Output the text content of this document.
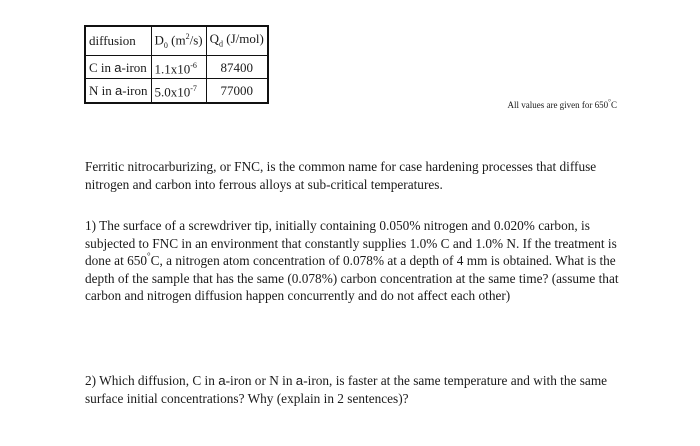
diffusion	$D_0$ $(m^2/s)$	$Q_d$ (J/mol)
C in a-iron	$1.1x10^{-6}$	87400
N in a-iron	$5.0x10^{-7}$	77000
All values are given for 650°C
Ferritic nitrocarburizing, or FNC, is the common name for case hardening processes that diffuse nitrogen and carbon into ferrous alloys at sub-critical temperatures.
1) The surface of a screwdriver tip, initially containing 0.050% nitrogen and 0.020% carbon, is subjected to FNC in an environment that constantly supplies 1.0% C and 1.0% N. If the treatment is done at 650°C, a nitrogen atom concentration of 0.078% at a depth of 4 mm is obtained. What is the depth of the sample that has the same (0.078%) carbon concentration at the same time? (assume that carbon and nitrogen diffusion happen concurrently and do not affect each other)
2) Which diffusion, C in a-iron or N in a-iron, is faster at the same temperature and with the same surface initial concentrations? Why (explain in 2 sentences)?
